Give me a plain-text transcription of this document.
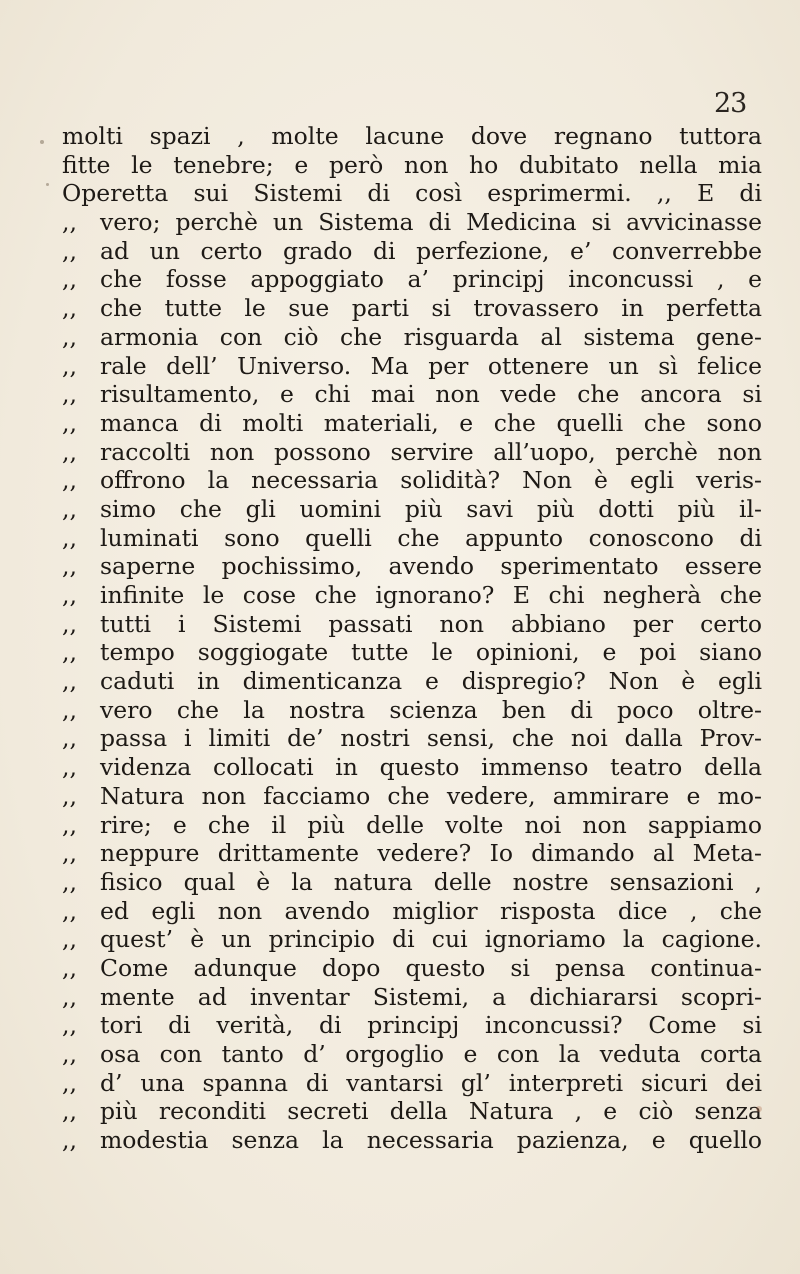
23
molti spazi , molte lacune dove regnano tuttora
fitte le tenebre; e però non ho dubitato nella mia
Operetta sui Sistemi di così esprimermi. ,, E di
,, vero; perchè un Sistema di Medicina si avvicinasse
,, ad un certo grado di perfezione, e’ converrebbe
,, che fosse appoggiato a’ principj inconcussi , e
,, che tutte le sue parti si trovassero in perfetta
,, armonia con ciò che risguarda al sistema gene-
,, rale dell’ Universo. Ma per ottenere un sì felice
,, risultamento, e chi mai non vede che ancora si
,, manca di molti materiali, e che quelli che sono
,, raccolti non possono servire all’uopo, perchè non
,, offrono la necessaria solidità? Non è egli veris-
,, simo che gli uomini più savi più dotti più il-
,, luminati sono quelli che appunto conoscono di
,, saperne pochissimo, avendo sperimentato essere
,, infinite le cose che ignorano? E chi negherà che
,, tutti i Sistemi passati non abbiano per certo
,, tempo soggiogate tutte le opinioni, e poi siano
,, caduti in dimenticanza e dispregio? Non è egli
,, vero che la nostra scienza ben di poco oltre-
,, passa i limiti de’ nostri sensi, che noi dalla Prov-
,, videnza collocati in questo immenso teatro della
,, Natura non facciamo che vedere, ammirare e mo-
,, rire; e che il più delle volte noi non sappiamo
,, neppure drittamente vedere? Io dimando al Meta-
,, fisico qual è la natura delle nostre sensazioni ,
,, ed egli non avendo miglior risposta dice , che
,, quest’ è un principio di cui ignoriamo la cagione.
,, Come adunque dopo questo si pensa continua-
,, mente ad inventar Sistemi, a dichiararsi scopri-
,, tori di verità, di principj inconcussi? Come si
,, osa con tanto d’ orgoglio e con la veduta corta
,, d’ una spanna di vantarsi gl’ interpreti sicuri dei
,, più reconditi secreti della Natura , e ciò senza
,, modestia senza la necessaria pazienza, e quello
